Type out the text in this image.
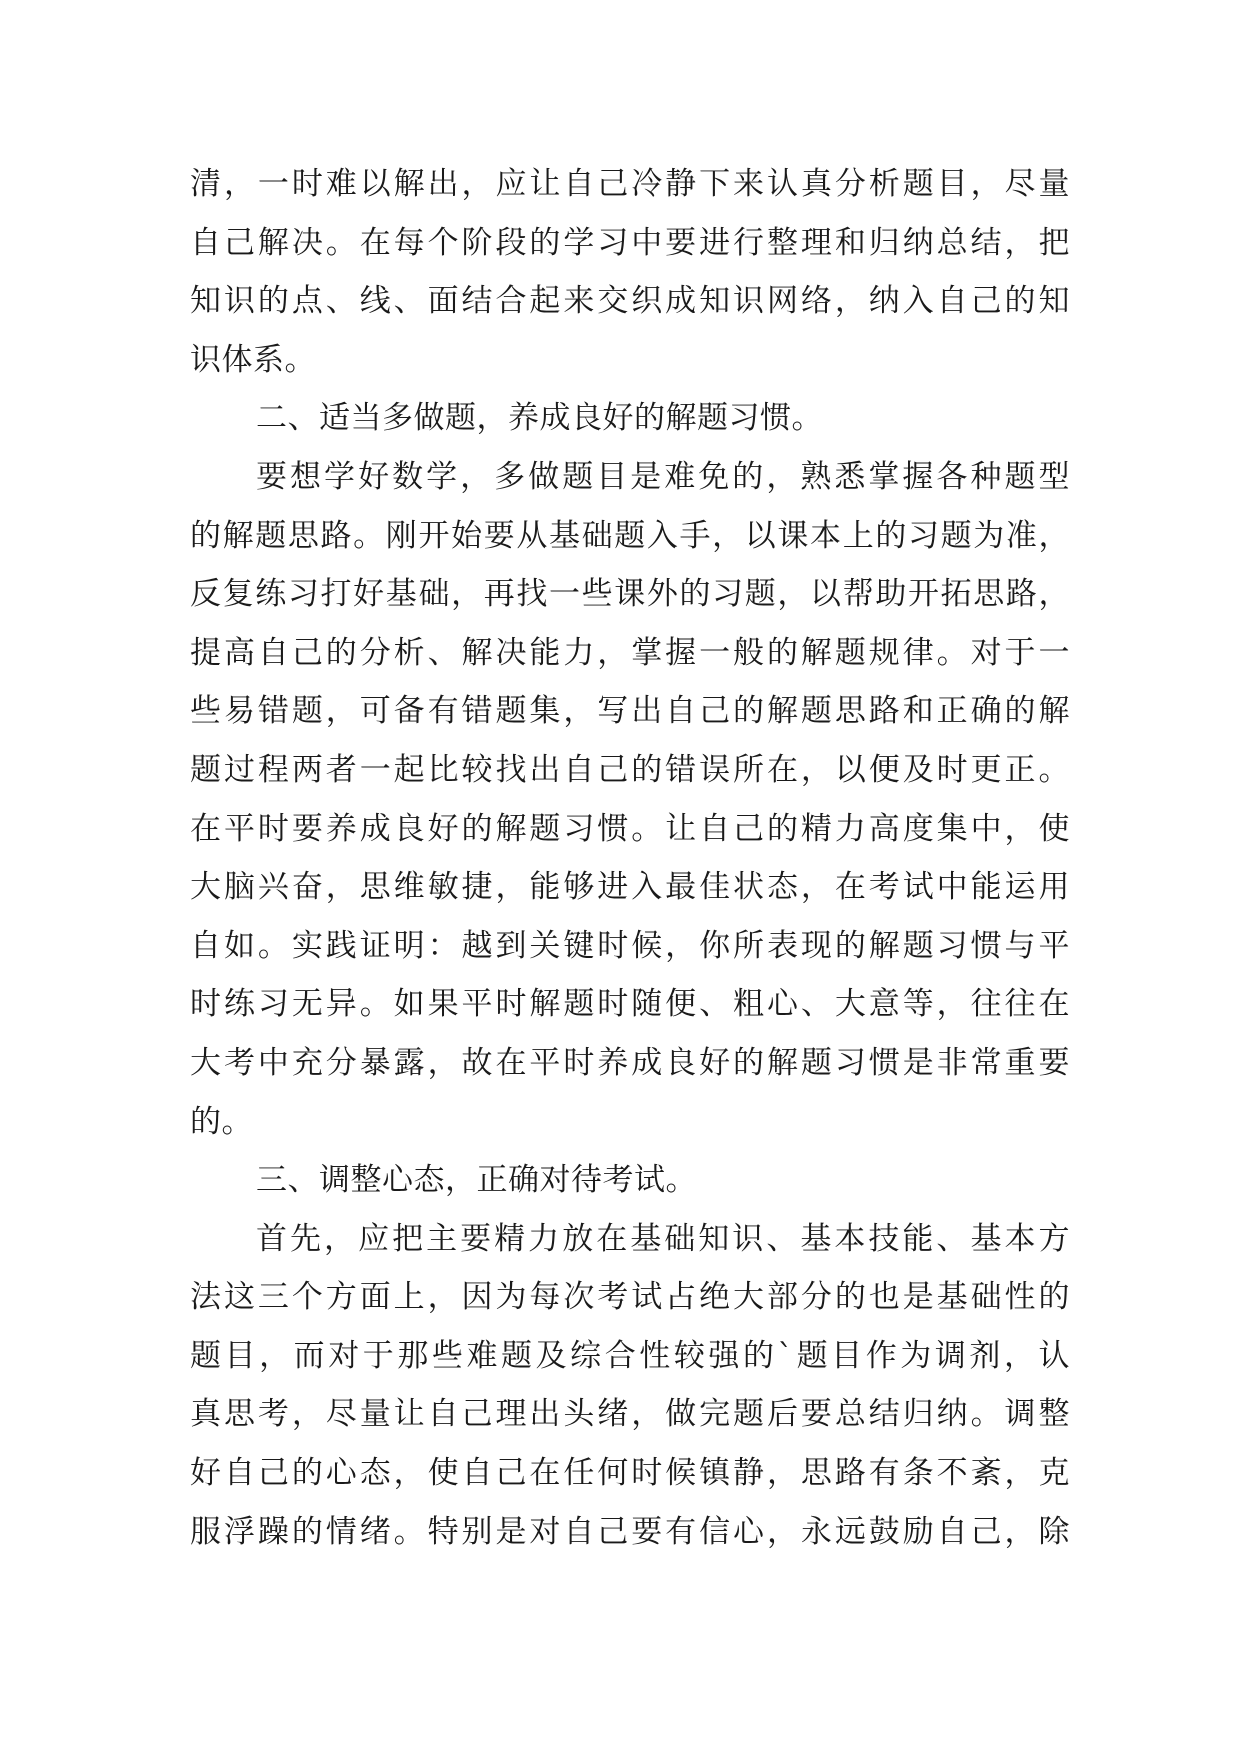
清，一时难以解出，应让自己冷静下来认真分析题目，尽量
自己解决。在每个阶段的学习中要进行整理和归纳总结，把
知识的点、线、面结合起来交织成知识网络，纳入自己的知
识体系。
二、适当多做题，养成良好的解题习惯。
要想学好数学，多做题目是难免的，熟悉掌握各种题型
的解题思路。刚开始要从基础题入手，以课本上的习题为准，
反复练习打好基础，再找一些课外的习题，以帮助开拓思路，
提高自己的分析、解决能力，掌握一般的解题规律。对于一
些易错题，可备有错题集，写出自己的解题思路和正确的解
题过程两者一起比较找出自己的错误所在，以便及时更正。
在平时要养成良好的解题习惯。让自己的精力高度集中，使
大脑兴奋，思维敏捷，能够进入最佳状态，在考试中能运用
自如。实践证明：越到关键时候，你所表现的解题习惯与平
时练习无异。如果平时解题时随便、粗心、大意等，往往在
大考中充分暴露，故在平时养成良好的解题习惯是非常重要
的。
三、调整心态，正确对待考试。
首先，应把主要精力放在基础知识、基本技能、基本方
法这三个方面上，因为每次考试占绝大部分的也是基础性的
题目，而对于那些难题及综合性较强的`题目作为调剂，认
真思考，尽量让自己理出头绪，做完题后要总结归纳。调整
好自己的心态，使自己在任何时候镇静，思路有条不紊，克
服浮躁的情绪。特别是对自己要有信心，永远鼓励自己，除
